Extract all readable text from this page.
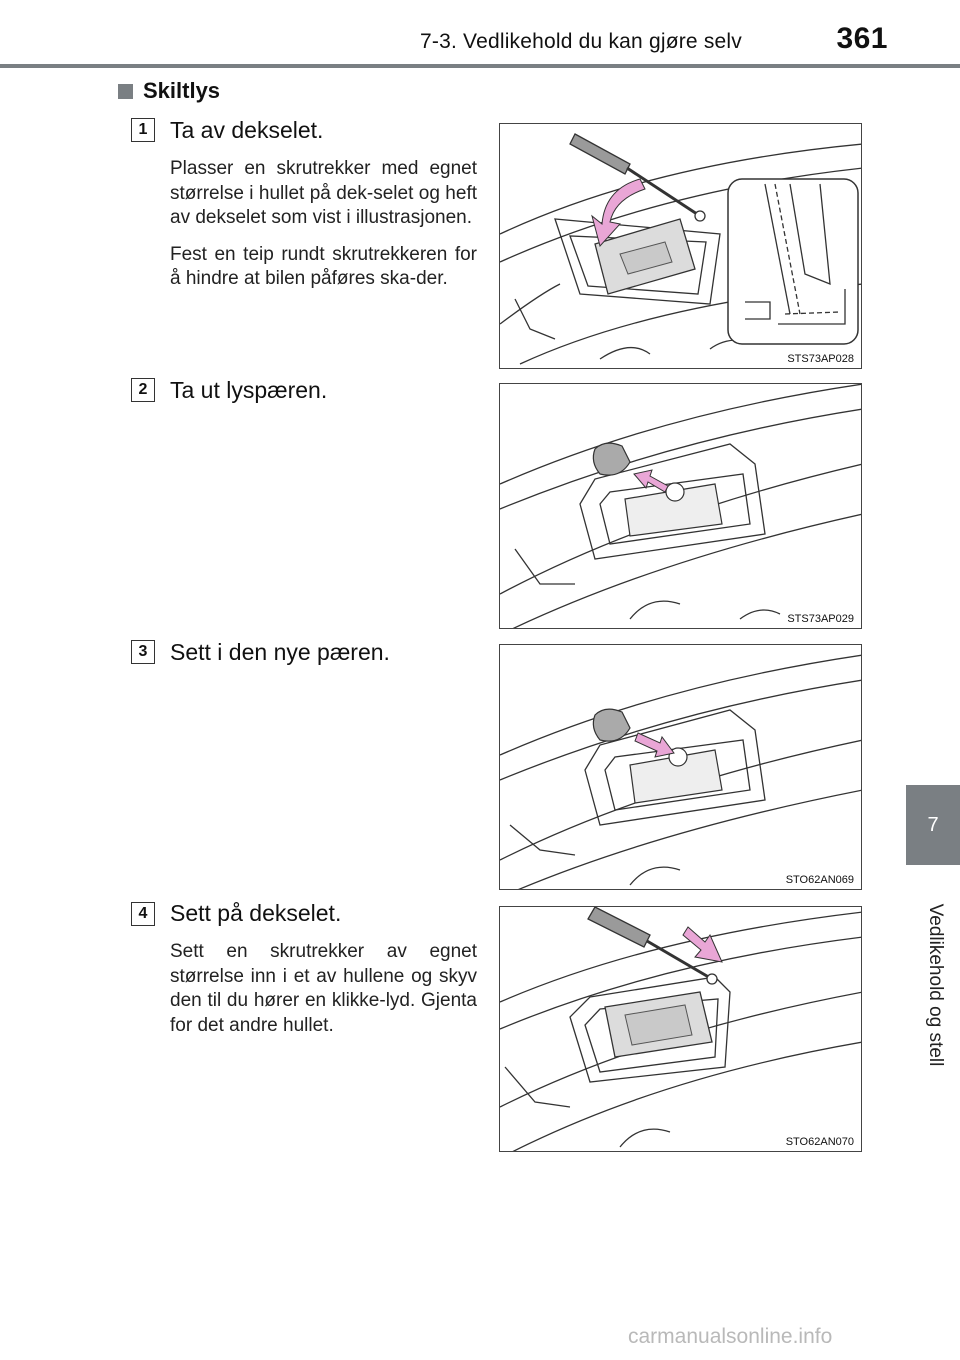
7-3. Vedlikehold du kan gjøre selv	361
7
Vedlikehold og stell
Skiltlys
1 Ta av dekselet.

Plasser en skrutrekker med egnet størrelse i hullet på dek-selet og heft av dekselet som vist i illustrasjonen.

Fest en teip rundt skrutrekkeren for å hindre at bilen påføres ska-der.

STS73AP028
2 Ta ut lyspæren.
STS73AP029
3 Sett i den nye pæren.
STO62AN069
4 Sett på dekselet.

Sett en skrutrekker av egnet størrelse inn i et av hullene og skyv den til du hører en klikke-lyd. Gjenta for det andre hullet.

STO62AN070
carmanualsonline.info
